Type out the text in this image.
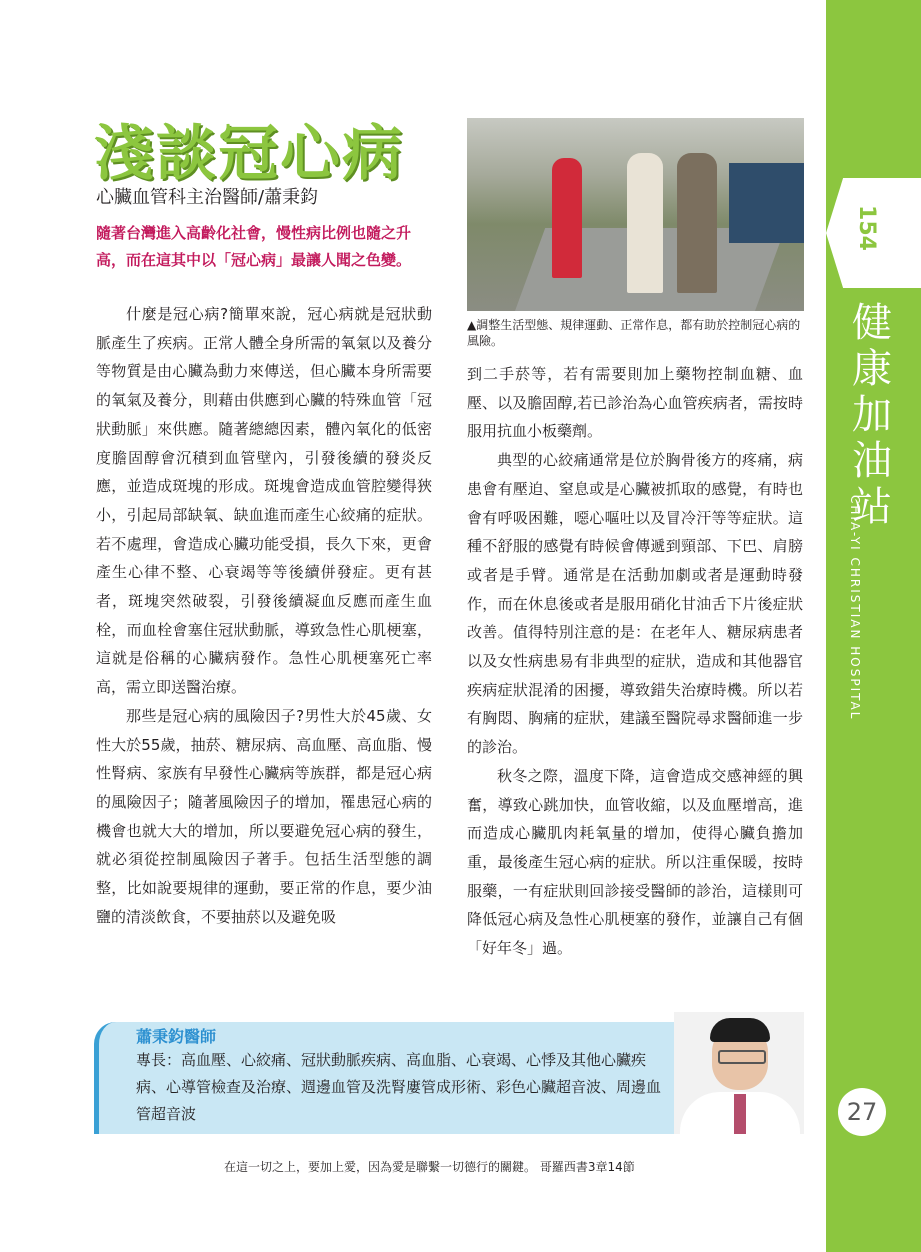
154
健
康
加
油
站
|2013.3	CHIA-YI CHRISTIAN HOSPITAL
27
淺談冠心病
心臟血管科主治醫師/蕭秉鈞
隨著台灣進入高齡化社會，慢性病比例也隨之升高，而在這其中以「冠心病」最讓人聞之色變。

什麼是冠心病?簡單來說，冠心病就是冠狀動脈產生了疾病。正常人體全身所需的氧氣以及養分等物質是由心臟為動力來傳送，但心臟本身所需要的氧氣及養分，則藉由供應到心臟的特殊血管「冠狀動脈」來供應。隨著總總因素，體內氧化的低密度膽固醇會沉積到血管壁內，引發後續的發炎反應，並造成斑塊的形成。斑塊會造成血管腔變得狹小，引起局部缺氧、缺血進而產生心絞痛的症狀。若不處理，會造成心臟功能受損，長久下來，更會產生心律不整、心衰竭等等後續併發症。更有甚者，斑塊突然破裂，引發後續凝血反應而產生血栓，而血栓會塞住冠狀動脈，導致急性心肌梗塞，這就是俗稱的心臟病發作。急性心肌梗塞死亡率高，需立即送醫治療。

那些是冠心病的風險因子?男性大於45歲、女性大於55歲，抽菸、糖尿病、高血壓、高血脂、慢性腎病、家族有早發性心臟病等族群，都是冠心病的風險因子；隨著風險因子的增加，罹患冠心病的機會也就大大的增加，所以要避免冠心病的發生，就必須從控制風險因子著手。包括生活型態的調整，比如說要規律的運動，要正常的作息，要少油鹽的清淡飲食，不要抽菸以及避免吸

▲調整生活型態、規律運動、正常作息，都有助於控制冠心病的風險。

到二手菸等，若有需要則加上藥物控制血糖、血壓、以及膽固醇,若已診治為心血管疾病者，需按時服用抗血小板藥劑。

典型的心絞痛通常是位於胸骨後方的疼痛，病患會有壓迫、窒息或是心臟被抓取的感覺，有時也會有呼吸困難，噁心嘔吐以及冒冷汗等等症狀。這種不舒服的感覺有時候會傳遞到頸部、下巴、肩膀或者是手臂。通常是在活動加劇或者是運動時發作，而在休息後或者是服用硝化甘油舌下片後症狀改善。值得特別注意的是：在老年人、糖尿病患者以及女性病患易有非典型的症狀，造成和其他器官疾病症狀混淆的困擾，導致錯失治療時機。所以若有胸悶、胸痛的症狀，建議至醫院尋求醫師進一步的診治。

秋冬之際，溫度下降，這會造成交感神經的興奮，導致心跳加快，血管收縮，以及血壓增高，進而造成心臟肌肉耗氧量的增加，使得心臟負擔加重，最後產生冠心病的症狀。所以注重保暖，按時服藥，一有症狀則回診接受醫師的診治，這樣則可降低冠心病及急性心肌梗塞的發作，並讓自己有個「好年冬」過。

蕭秉鈞醫師
專長：高血壓、心絞痛、冠狀動脈疾病、高血脂、心衰竭、心悸及其他心臟疾病、心導管檢查及治療、週邊血管及洗腎廔管成形術、彩色心臟超音波、周邊血管超音波
在這一切之上，要加上愛，因為愛是聯繫一切德行的關鍵。 哥羅西書3章14節
